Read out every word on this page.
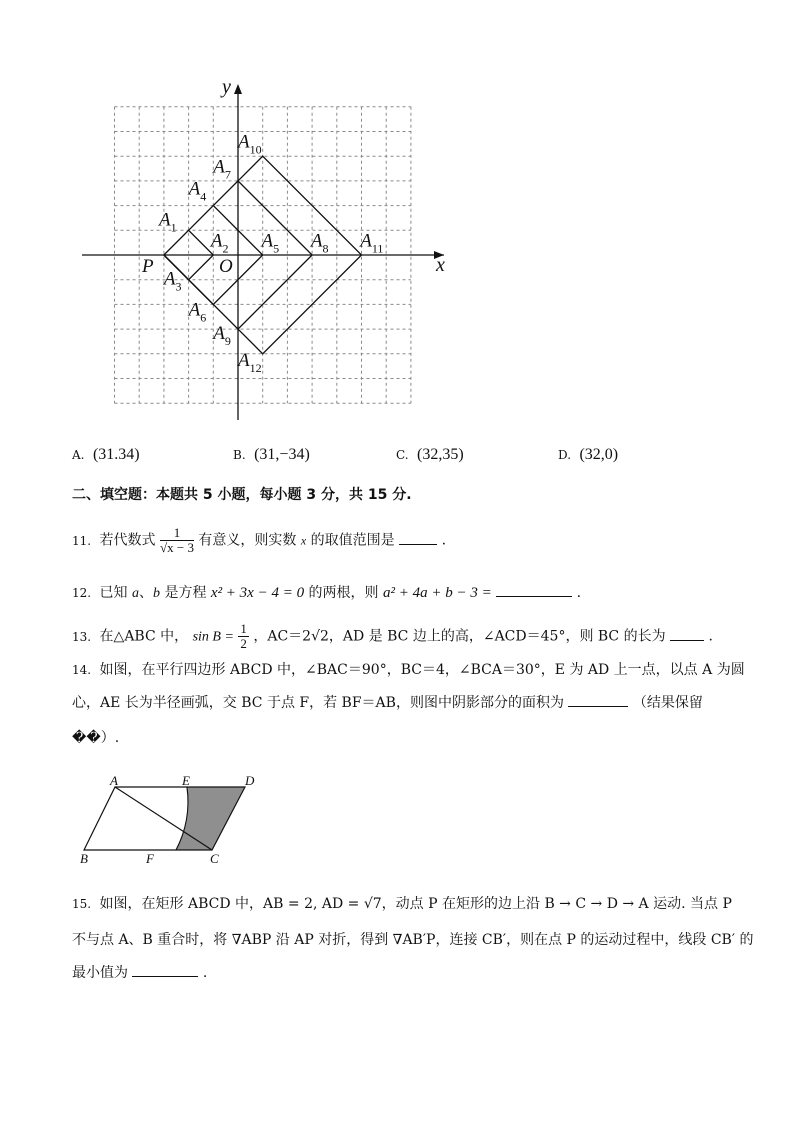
$A_1$
$A_2$
$A_3$
$A_4$
$A_5$
$A_6$
$A_7$
$A_8$
$A_9$
$A_{10}$
$A_{11}$
$A_{12}$
y
x
O
P
A. (31.34)	B. (31,−34)	C. (32,35)	D. (32,0)
二、填空题：本题共 5 小题，每小题 3 分，共 15 分.
11. 若代数式 $\frac{1}{√x - 3}$ 有意义，则实数 x 的取值范围是	.
12. 已知 a、b 是方程 x² + 3x − 4 = 0 的两根，则 a² + 4a + b − 3 =	.
13. 在△ABC 中， $\sin B = \frac{1}{2}$ ，AC＝2√2，AD 是 BC 边上的高，∠ACD＝45°，则 BC 的长为	.
14. 如图，在平行四边形 ABCD 中，∠BAC＝90°，BC＝4，∠BCA＝30°，E 为 AD 上一点，以点 A 为圆
心，AE 长为半径画弧，交 BC 于点 F，若 BF＝AB，则图中阴影部分的面积为	（结果保留
��）.
A	E	D
B	F	C
15. 如图，在矩形 ABCD 中，AB = 2, AD = √7，动点 P 在矩形的边上沿 B → C → D → A 运动. 当点 P
不与点 A、B 重合时，将 ∇ABP 沿 AP 对折，得到 ∇AB′P，连接 CB′，则在点 P 的运动过程中，线段 CB′ 的
最小值为	.
